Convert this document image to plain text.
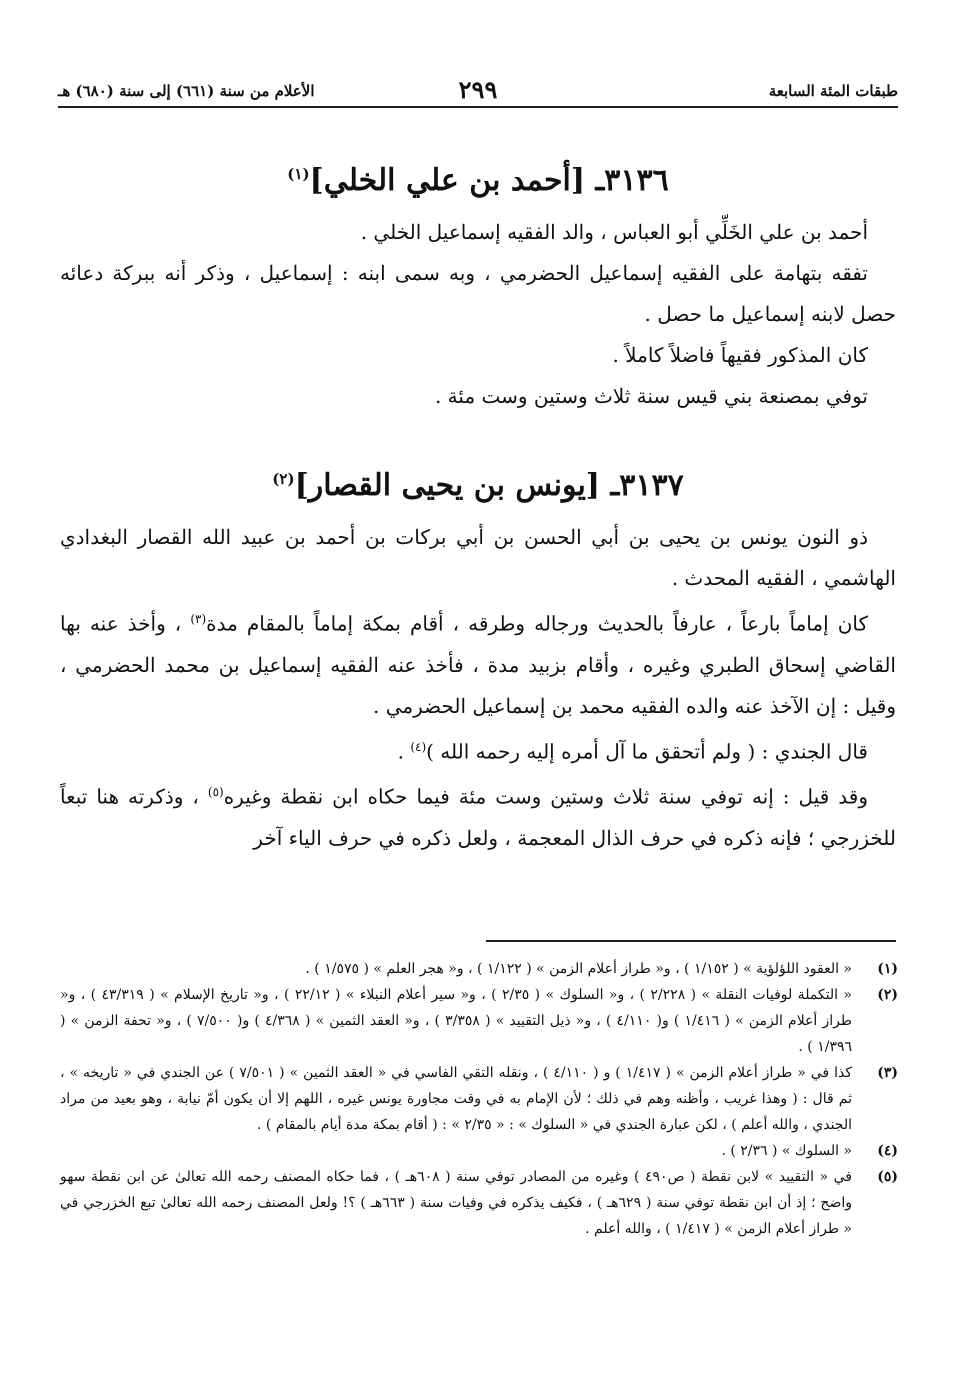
طبقات المئة السابعة
٢٩٩
الأعلام من سنة (٦٦١) إلى سنة (٦٨٠) هـ
٣١٣٦ـ [أحمد بن علي الخلي]$^{(١)}$

أحمد بن علي الخَلِّي أبو العباس ، والد الفقيه إسماعيل الخلي .

تفقه بتهامة على الفقيه إسماعيل الحضرمي ، وبه سمى ابنه : إسماعيل ، وذكر أنه ببركة دعائه حصل لابنه إسماعيل ما حصل .

كان المذكور فقيهاً فاضلاً كاملاً .

توفي بمصنعة بني قيس سنة ثلاث وستين وست مئة .

٣١٣٧ـ [يونس بن يحيى القصار]$^{(٢)}$

ذو النون يونس بن يحيى بن أبي الحسن بن أبي بركات بن أحمد بن عبيد الله القصار البغدادي الهاشمي ، الفقيه المحدث .

كان إماماً بارعاً ، عارفاً بالحديث ورجاله وطرقه ، أقام بمكة إماماً بالمقام مدة$^{(٣)}$ ، وأخذ عنه بها القاضي إسحاق الطبري وغيره ، وأقام بزبيد مدة ، فأخذ عنه الفقيه إسماعيل بن محمد الحضرمي ، وقيل : إن الآخذ عنه والده الفقيه محمد بن إسماعيل الحضرمي .

قال الجندي : ( ولم أتحقق ما آل أمره إليه رحمه الله )$^{(٤)}$ .

وقد قيل : إنه توفي سنة ثلاث وستين وست مئة فيما حكاه ابن نقطة وغيره$^{(٥)}$ ، وذكرته هنا تبعاً للخزرجي ؛ فإنه ذكره في حرف الذال المعجمة ، ولعل ذكره في حرف الياء آخر

(١)
« العقود اللؤلؤية » ( ١/١٥٢ ) ، و« طراز أعلام الزمن » ( ١/١٢٢ ) ، و« هجر العلم » ( ١/٥٧٥ ) .
(٢)
« التكملة لوفيات النقلة » ( ٢/٢٢٨ ) ، و« السلوك » ( ٢/٣٥ ) ، و« سير أعلام النبلاء » ( ٢٢/١٢ ) ، و« تاريخ الإسلام » ( ٤٣/٣١٩ ) ، و« طراز أعلام الزمن » ( ١/٤١٦ ) و( ٤/١١٠ ) ، و« ذيل التقييد » ( ٣/٣٥٨ ) ، و« العقد الثمين » ( ٤/٣٦٨ ) و( ٧/٥٠٠ ) ، و« تحفة الزمن » ( ١/٣٩٦ ) .
(٣)
كذا في « طراز أعلام الزمن » ( ١/٤١٧ ) و ( ٤/١١٠ ) ، ونقله التقي الفاسي في « العقد الثمين » ( ٧/٥٠١ ) عن الجندي في « تاريخه » ، ثم قال : ( وهذا غريب ، وأظنه وهم في ذلك ؛ لأن الإمام به في وقت مجاورة يونس غيره ، اللهم إلا أن يكون أمّ نيابة ، وهو بعيد من مراد الجندي ، والله أعلم ) ، لكن عبارة الجندي في « السلوك » : « ٢/٣٥ » : ( أقام بمكة مدة أيام بالمقام ) .
(٤)
« السلوك » ( ٢/٣٦ ) .
(٥)
في « التقييد » لابن نقطة ( ص٤٩٠ ) وغيره من المصادر توفي سنة ( ٦٠٨هـ ) ، فما حكاه المصنف رحمه الله تعالىٰ عن ابن نقطة سهو واضح ؛ إذ أن ابن نقطة توفي سنة ( ٦٢٩هـ ) ، فكيف يذكره في وفيات سنة ( ٦٦٣هـ ) ؟! ولعل المصنف رحمه الله تعالىٰ تبع الخزرجي في « طراز أعلام الزمن » ( ١/٤١٧ ) ، والله أعلم .
